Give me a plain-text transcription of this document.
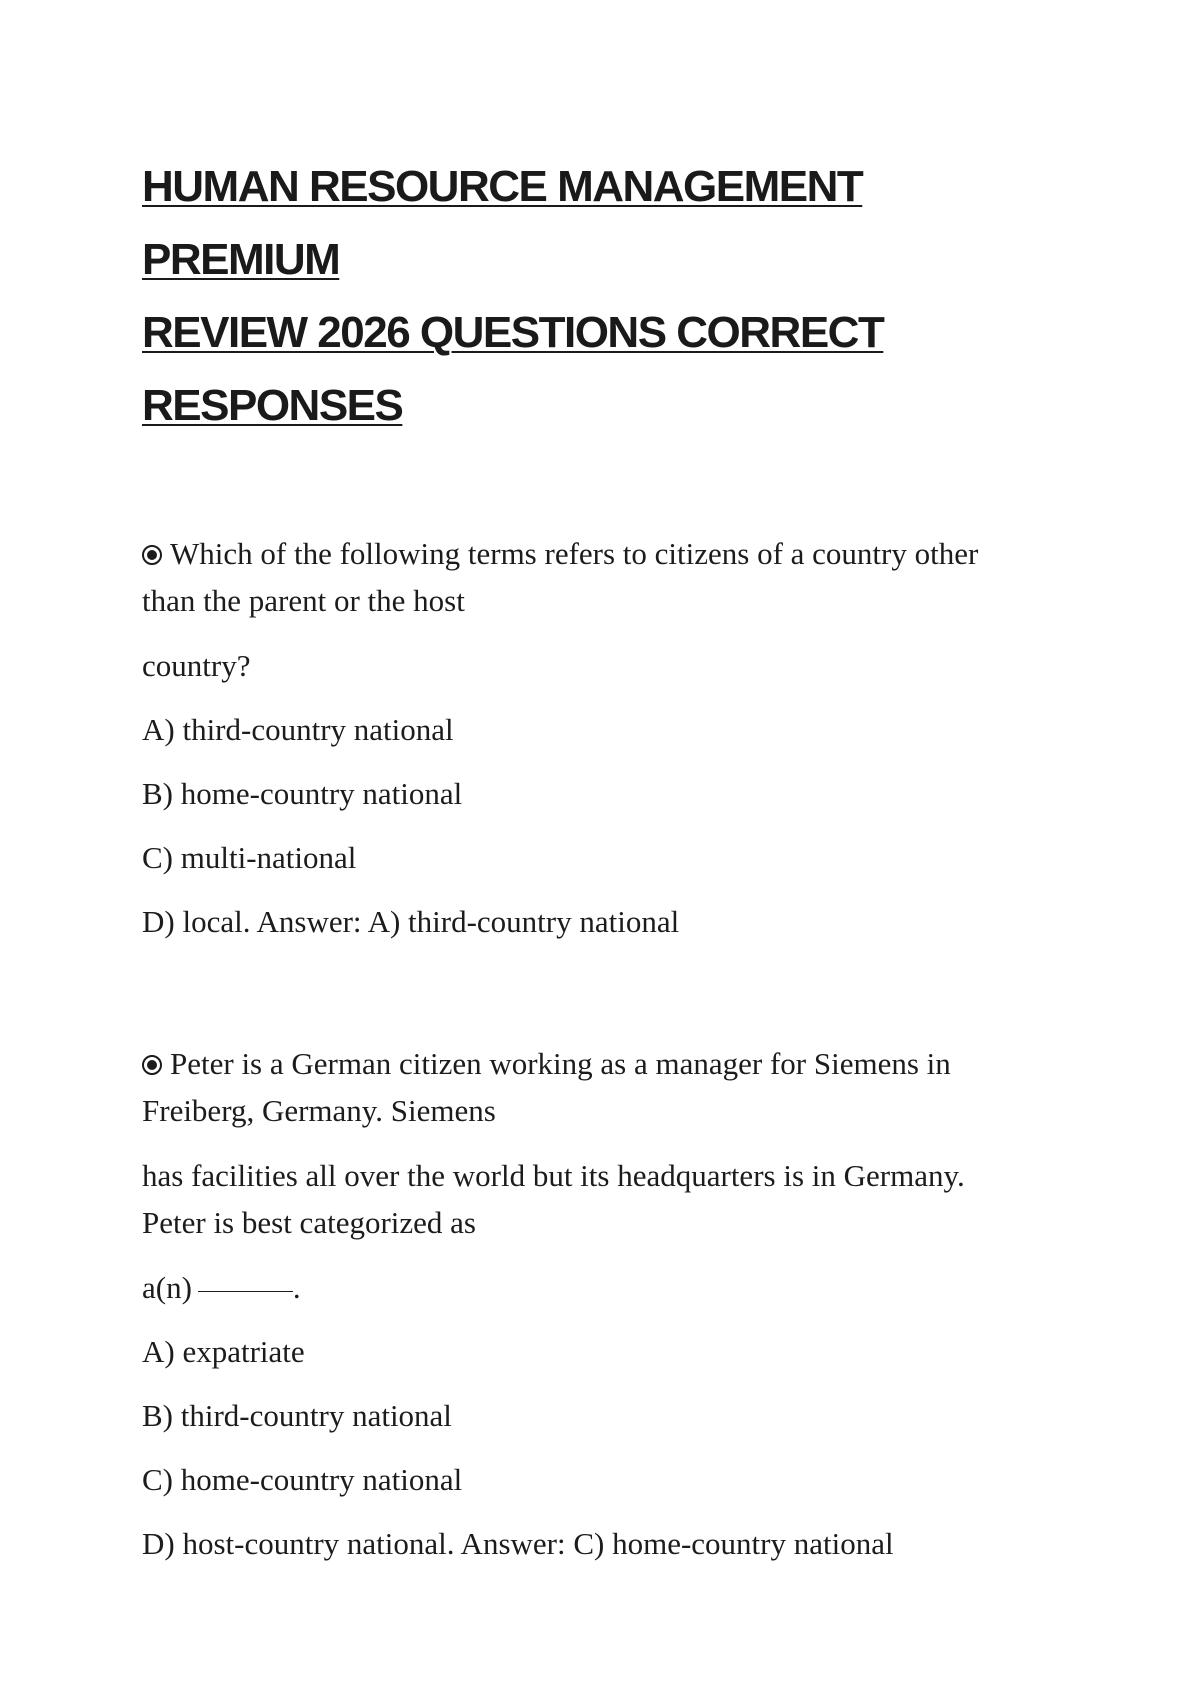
HUMAN RESOURCE MANAGEMENT PREMIUM
REVIEW 2026 QUESTIONS CORRECT
RESPONSES

Which of the following terms refers to citizens of a country other

than the parent or the host

country?

A) third-country national

B) home-country national

C) multi-national

D) local. Answer: A) third-country national

Peter is a German citizen working as a manager for Siemens in

Freiberg, Germany. Siemens

has facilities all over the world but its headquarters is in Germany.

Peter is best categorized as

a(n)	.

A) expatriate

B) third-country national

C) home-country national

D) host-country national. Answer: C) home-country national
